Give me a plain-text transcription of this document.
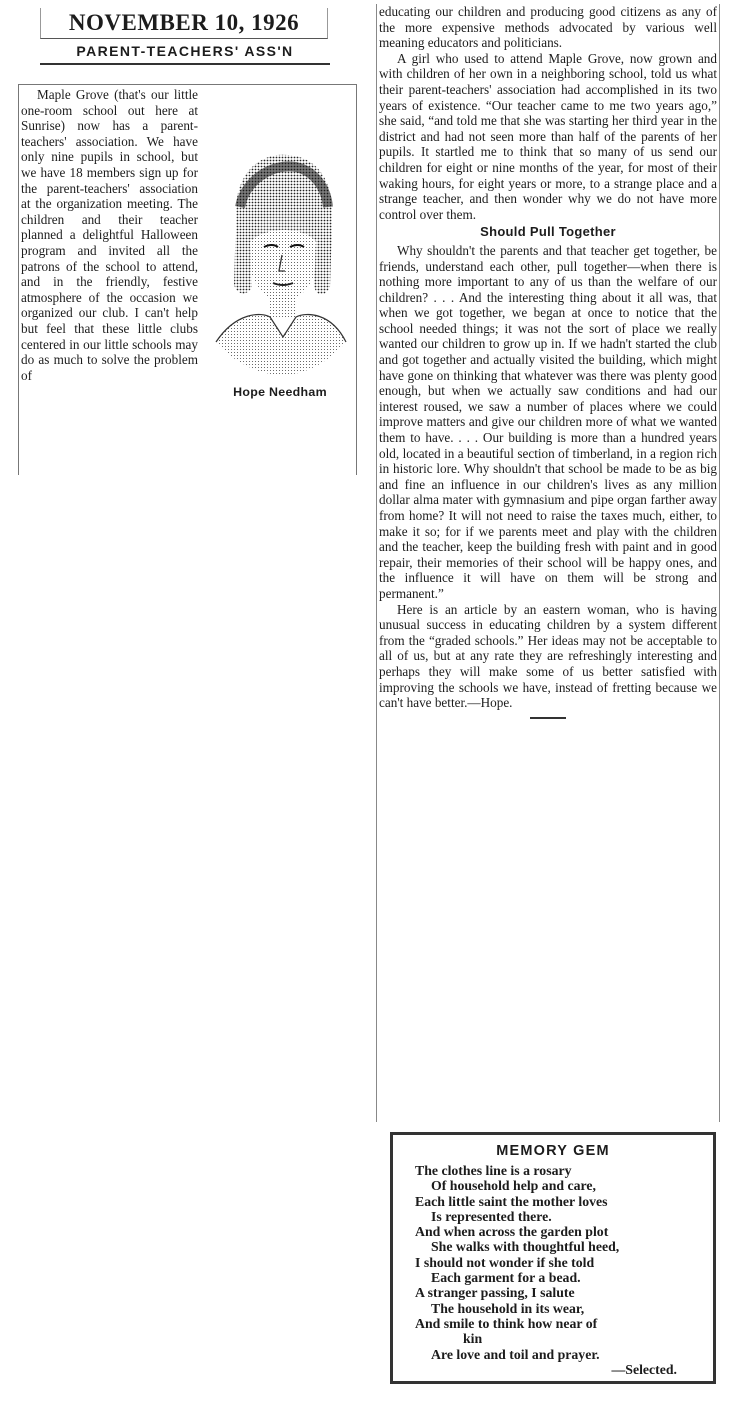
NOVEMBER 10, 1926
PARENT-TEACHERS' ASS'N
Hope Needham

Maple Grove (that's our little one-room school out here at Sunrise) now has a parent-teachers' association. We have only nine pupils in school, but we have 18 members sign up for the parent-teachers' association at the organization meeting. The children and their teacher planned a delightful Halloween program and invited all the patrons of the school to attend, and in the friendly, festive atmosphere of the occasion we organized our club. I can't help but feel that these little clubs centered in our little schools may do as much to solve the problem of

educating our children and producing good citizens as any of the more expensive methods advocated by various well meaning educators and politicians.

A girl who used to attend Maple Grove, now grown and with children of her own in a neighboring school, told us what their parent-teachers' association had accomplished in its two years of existence. “Our teacher came to me two years ago,” she said, “and told me that she was starting her third year in the district and had not seen more than half of the parents of her pupils. It startled me to think that so many of us send our children for eight or nine months of the year, for most of their waking hours, for eight years or more, to a strange place and a strange teacher, and then wonder why we do not have more control over them.

Should Pull Together

Why shouldn't the parents and that teacher get together, be friends, understand each other, pull together—when there is nothing more important to any of us than the welfare of our children? . . . And the interesting thing about it all was, that when we got together, we began at once to notice that the school needed things; it was not the sort of place we really wanted our children to grow up in. If we hadn't started the club and got together and actually visited the building, which might have gone on thinking that whatever was there was plenty good enough, but when we actually saw conditions and had our interest roused, we saw a number of places where we could improve matters and give our children more of what we wanted them to have. . . . Our building is more than a hundred years old, located in a beautiful section of timberland, in a region rich in historic lore. Why shouldn't that school be made to be as big and fine an influence in our children's lives as any million dollar alma mater with gymnasium and pipe organ farther away from home? It will not need to raise the taxes much, either, to make it so; for if we parents meet and play with the children and the teacher, keep the building fresh with paint and in good repair, their memories of their school will be happy ones, and the influence it will have on them will be strong and permanent.”

Here is an article by an eastern woman, who is having unusual success in educating children by a system different from the “graded schools.” Her ideas may not be acceptable to all of us, but at any rate they are refreshingly interesting and perhaps they will make some of us better satisfied with improving the schools we have, instead of fretting because we can't have better.—Hope.

MEMORY GEM
The clothes line is a rosary
Of household help and care,
Each little saint the mother loves
Is represented there.
And when across the garden plot
She walks with thoughtful heed,
I should not wonder if she told
Each garment for a bead.
A stranger passing, I salute
The household in its wear,
And smile to think how near of
kin
Are love and toil and prayer.
—Selected.
